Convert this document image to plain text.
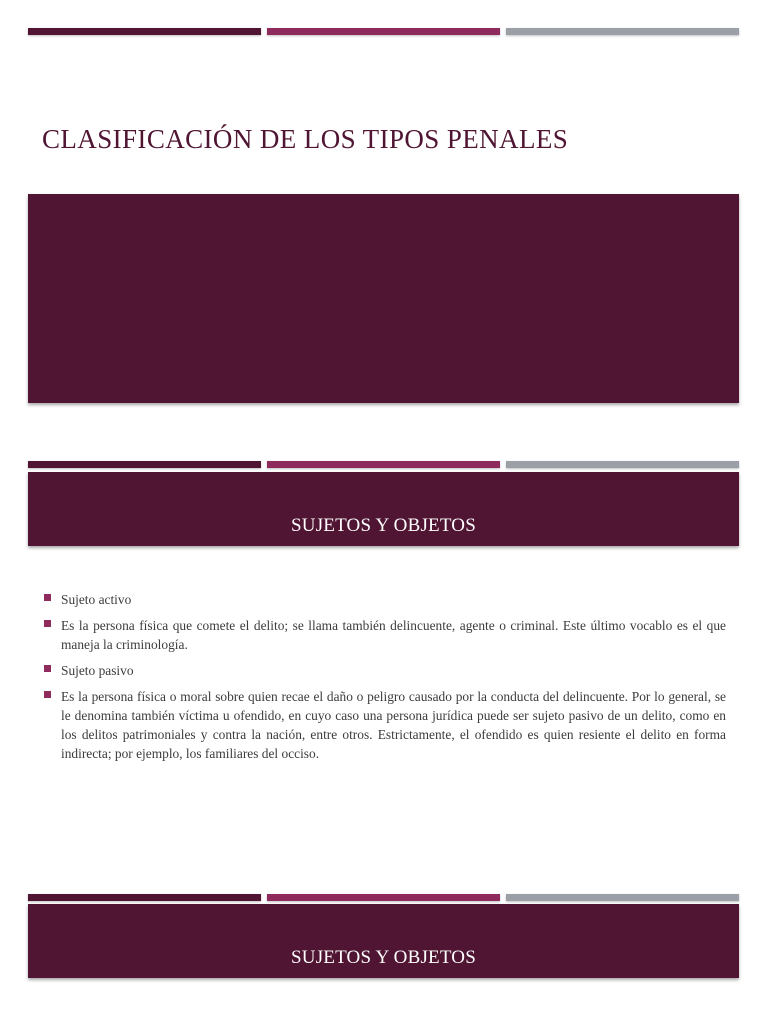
CLASIFICACIÓN DE LOS TIPOS PENALES
SUJETOS Y OBJETOS
Sujeto activo
Es la persona física que comete el delito; se llama también delincuente, agente o criminal. Este último vocablo es el que maneja la criminología.
Sujeto pasivo
Es la persona física o moral sobre quien recae el daño o peligro causado por la conducta del delincuente. Por lo general, se le denomina también víctima u ofendido, en cuyo caso una persona jurídica puede ser sujeto pasivo de un delito, como en los delitos patrimoniales y contra la nación, entre otros. Estrictamente, el ofendido es quien resiente el delito en forma indirecta; por ejemplo, los familiares del occiso.
SUJETOS Y OBJETOS
